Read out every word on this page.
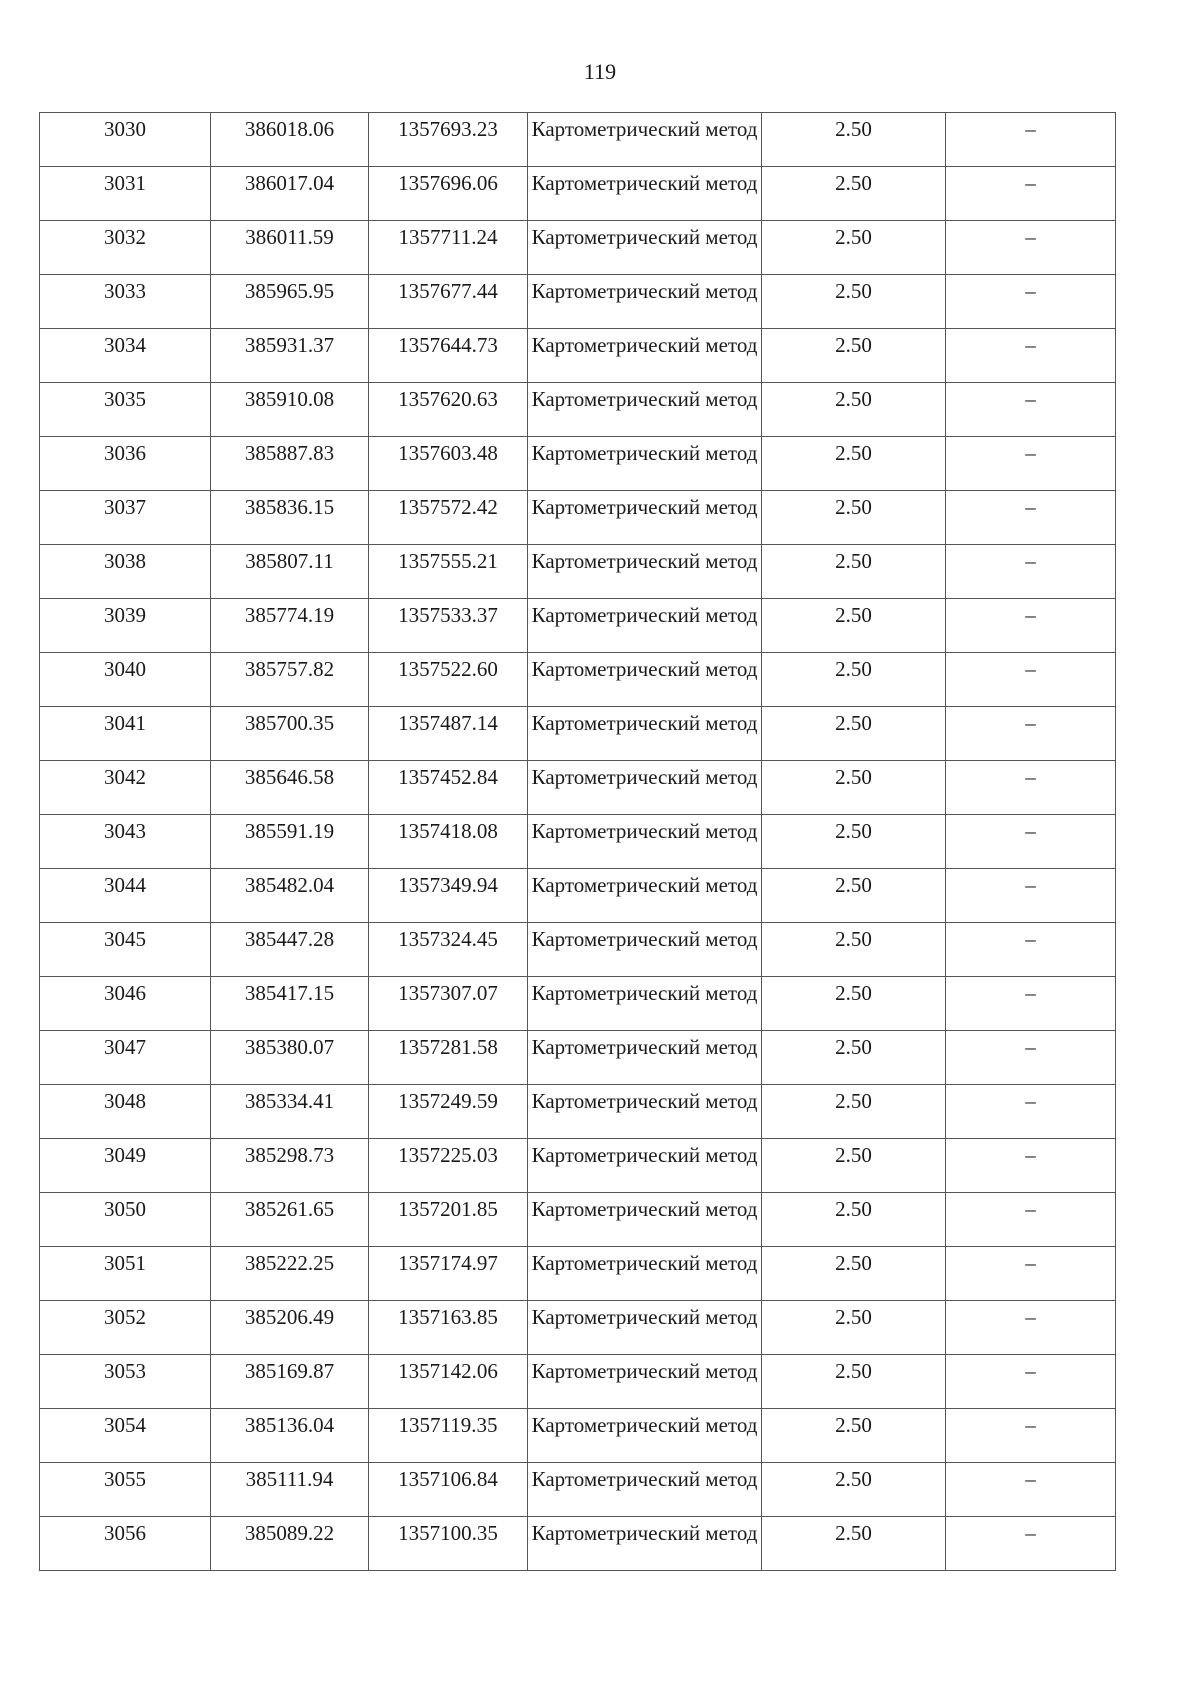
119
3030	386018.06	1357693.23	Картометрический метод	2.50	–
3031	386017.04	1357696.06	Картометрический метод	2.50	–
3032	386011.59	1357711.24	Картометрический метод	2.50	–
3033	385965.95	1357677.44	Картометрический метод	2.50	–
3034	385931.37	1357644.73	Картометрический метод	2.50	–
3035	385910.08	1357620.63	Картометрический метод	2.50	–
3036	385887.83	1357603.48	Картометрический метод	2.50	–
3037	385836.15	1357572.42	Картометрический метод	2.50	–
3038	385807.11	1357555.21	Картометрический метод	2.50	–
3039	385774.19	1357533.37	Картометрический метод	2.50	–
3040	385757.82	1357522.60	Картометрический метод	2.50	–
3041	385700.35	1357487.14	Картометрический метод	2.50	–
3042	385646.58	1357452.84	Картометрический метод	2.50	–
3043	385591.19	1357418.08	Картометрический метод	2.50	–
3044	385482.04	1357349.94	Картометрический метод	2.50	–
3045	385447.28	1357324.45	Картометрический метод	2.50	–
3046	385417.15	1357307.07	Картометрический метод	2.50	–
3047	385380.07	1357281.58	Картометрический метод	2.50	–
3048	385334.41	1357249.59	Картометрический метод	2.50	–
3049	385298.73	1357225.03	Картометрический метод	2.50	–
3050	385261.65	1357201.85	Картометрический метод	2.50	–
3051	385222.25	1357174.97	Картометрический метод	2.50	–
3052	385206.49	1357163.85	Картометрический метод	2.50	–
3053	385169.87	1357142.06	Картометрический метод	2.50	–
3054	385136.04	1357119.35	Картометрический метод	2.50	–
3055	385111.94	1357106.84	Картометрический метод	2.50	–
3056	385089.22	1357100.35	Картометрический метод	2.50	–
